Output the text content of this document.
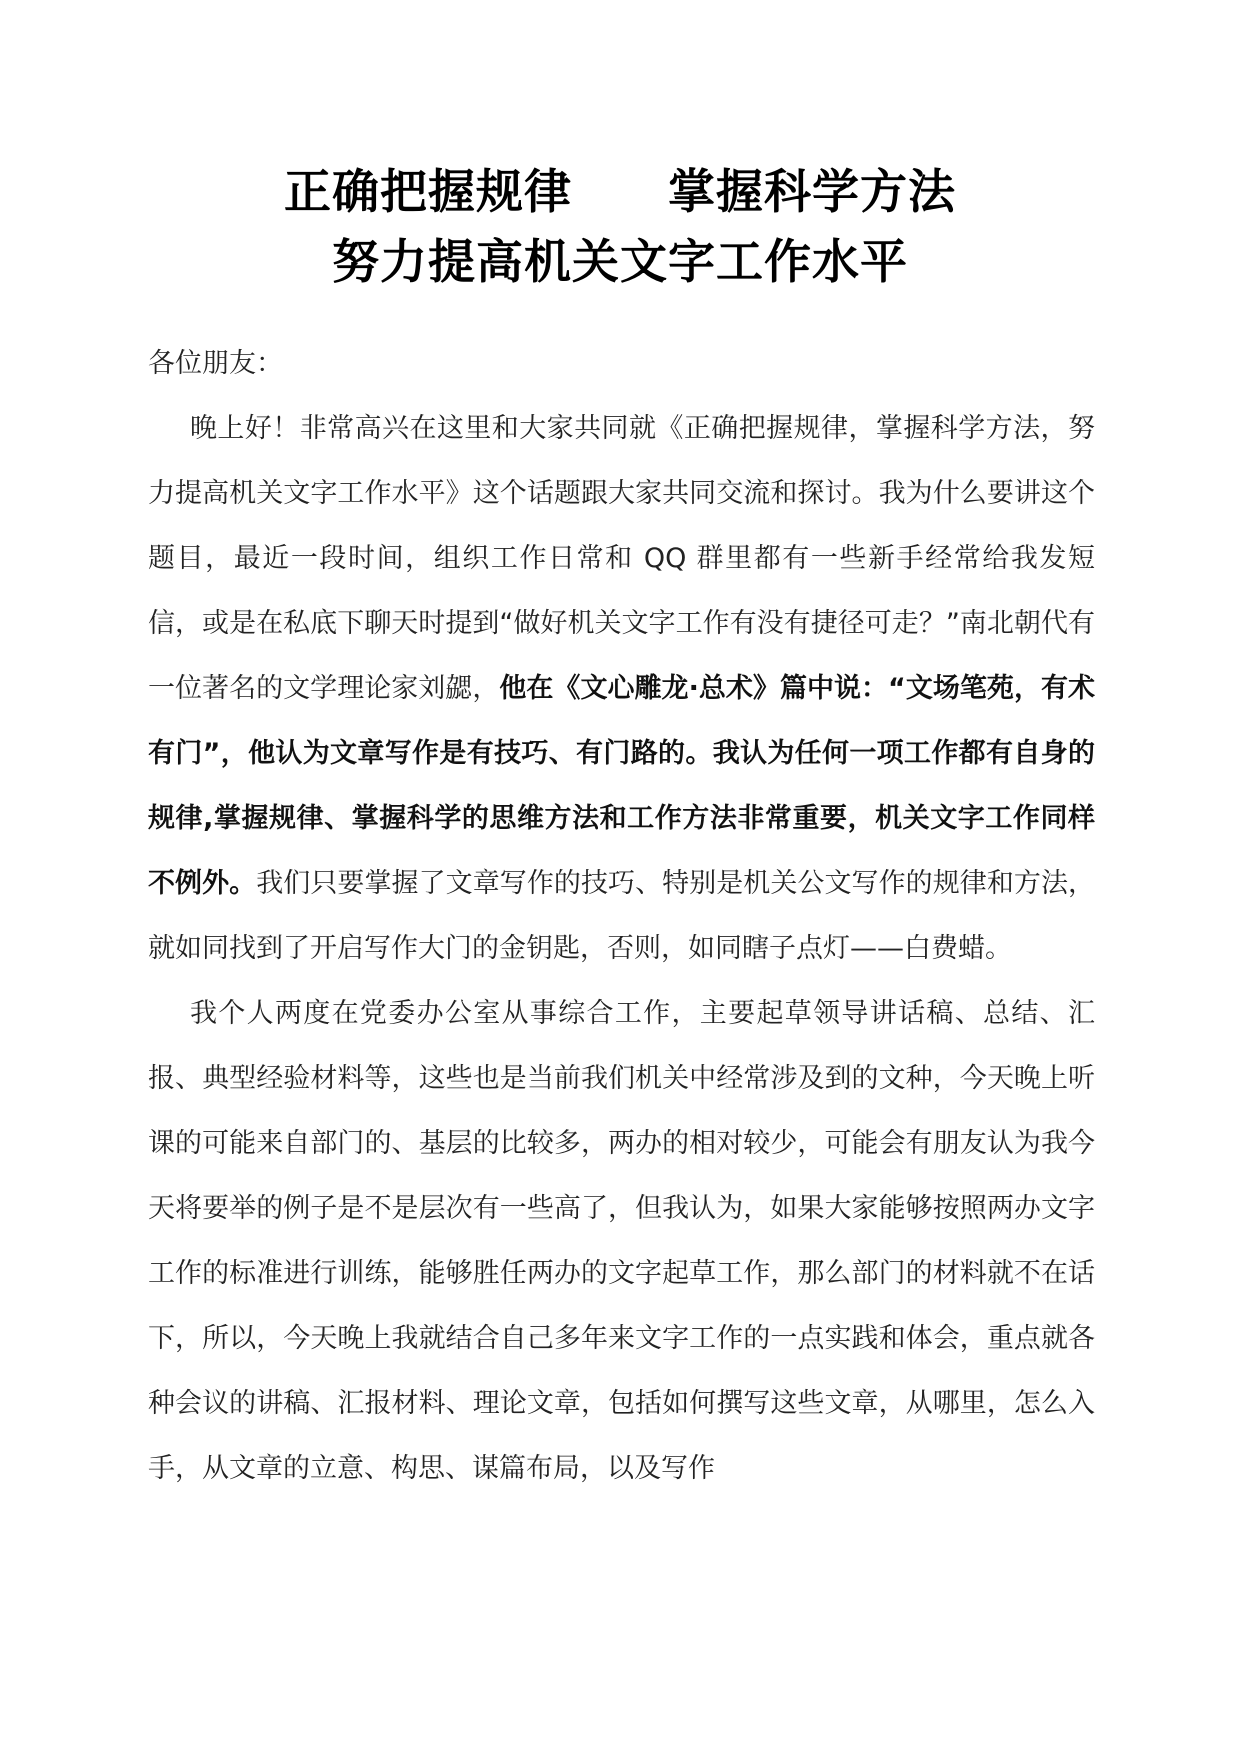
正确把握规律　　掌握科学方法
努力提高机关文字工作水平

各位朋友：

晚上好！非常高兴在这里和大家共同就《正确把握规律，掌握科学方法，努力提高机关文字工作水平》这个话题跟大家共同交流和探讨。我为什么要讲这个题目，最近一段时间，组织工作日常和 QQ 群里都有一些新手经常给我发短信，或是在私底下聊天时提到“做好机关文字工作有没有捷径可走？”南北朝代有一位著名的文学理论家刘勰，他在《文心雕龙·总术》篇中说：“文场笔苑，有术有门”，他认为文章写作是有技巧、有门路的。我认为任何一项工作都有自身的规律,掌握规律、掌握科学的思维方法和工作方法非常重要，机关文字工作同样不例外。我们只要掌握了文章写作的技巧、特别是机关公文写作的规律和方法，就如同找到了开启写作大门的金钥匙，否则，如同瞎子点灯——白费蜡。

我个人两度在党委办公室从事综合工作，主要起草领导讲话稿、总结、汇报、典型经验材料等，这些也是当前我们机关中经常涉及到的文种，今天晚上听课的可能来自部门的、基层的比较多，两办的相对较少，可能会有朋友认为我今天将要举的例子是不是层次有一些高了，但我认为，如果大家能够按照两办文字工作的标准进行训练，能够胜任两办的文字起草工作，那么部门的材料就不在话下，所以，今天晚上我就结合自己多年来文字工作的一点实践和体会，重点就各种会议的讲稿、汇报材料、理论文章，包括如何撰写这些文章，从哪里，怎么入手，从文章的立意、构思、谋篇布局，以及写作
